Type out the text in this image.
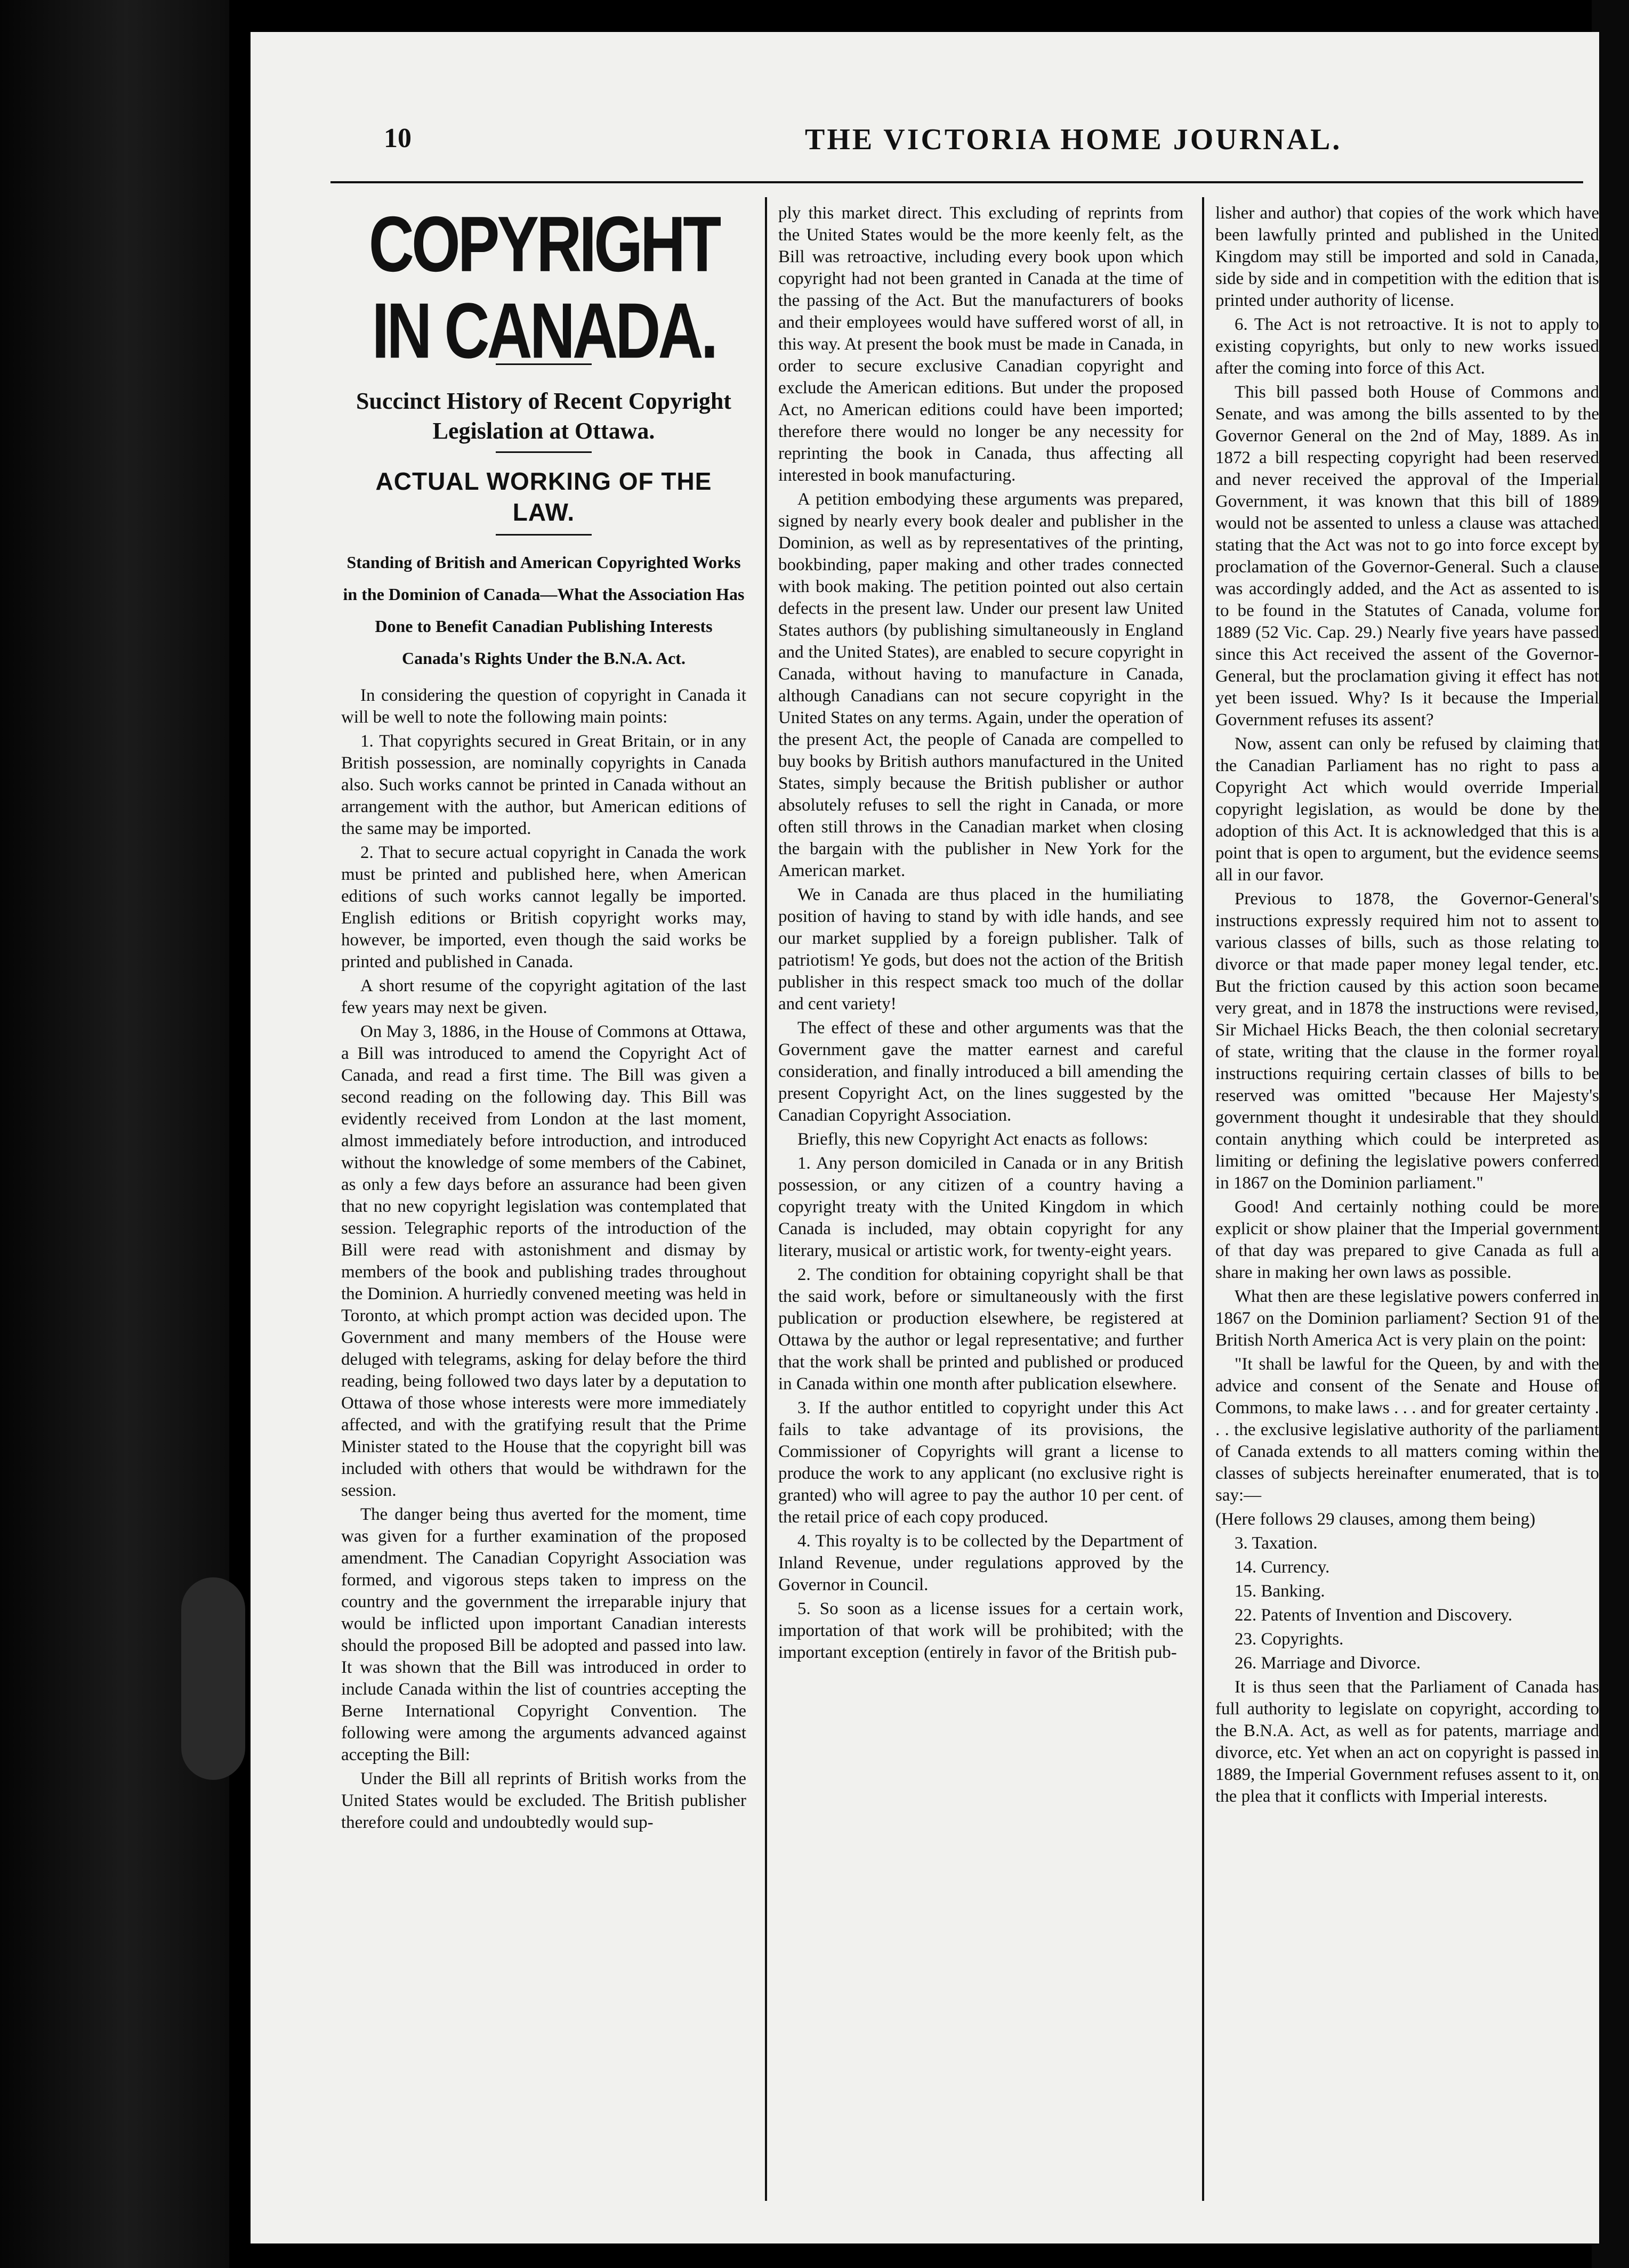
10	THE VICTORIA HOME JOURNAL.
COPYRIGHT IN CANADA.
Succinct History of Recent Copyright Legislation at Ottawa.
ACTUAL WORKING OF THE LAW.
Standing of British and American Copyrighted Works in the Dominion of Canada—What the Association Has Done to Benefit Canadian Publishing Interests
Canada's Rights Under the B.N.A. Act.

In considering the question of copyright in Canada it will be well to note the following main points:

1. That copyrights secured in Great Britain, or in any British possession, are nominally copyrights in Canada also. Such works cannot be printed in Canada without an arrangement with the author, but American editions of the same may be imported.

2. That to secure actual copyright in Canada the work must be printed and published here, when American editions of such works cannot legally be imported. English editions or British copyright works may, however, be imported, even though the said works be printed and published in Canada.

A short resume of the copyright agitation of the last few years may next be given.

On May 3, 1886, in the House of Commons at Ottawa, a Bill was introduced to amend the Copyright Act of Canada, and read a first time. The Bill was given a second reading on the following day. This Bill was evidently received from London at the last moment, almost immediately before introduction, and introduced without the knowledge of some members of the Cabinet, as only a few days before an assurance had been given that no new copyright legislation was contemplated that session. Telegraphic reports of the introduction of the Bill were read with astonishment and dismay by members of the book and publishing trades throughout the Dominion. A hurriedly convened meeting was held in Toronto, at which prompt action was decided upon. The Government and many members of the House were deluged with telegrams, asking for delay before the third reading, being followed two days later by a deputation to Ottawa of those whose interests were more immediately affected, and with the gratifying result that the Prime Minister stated to the House that the copyright bill was included with others that would be withdrawn for the session.

The danger being thus averted for the moment, time was given for a further examination of the proposed amendment. The Canadian Copyright Association was formed, and vigorous steps taken to impress on the country and the government the irreparable injury that would be inflicted upon important Canadian interests should the proposed Bill be adopted and passed into law. It was shown that the Bill was introduced in order to include Canada within the list of countries accepting the Berne International Copyright Convention. The following were among the arguments advanced against accepting the Bill:

Under the Bill all reprints of British works from the United States would be excluded. The British publisher therefore could and undoubtedly would sup-

ply this market direct. This excluding of reprints from the United States would be the more keenly felt, as the Bill was retroactive, including every book upon which copyright had not been granted in Canada at the time of the passing of the Act. But the manufacturers of books and their employees would have suffered worst of all, in this way. At present the book must be made in Canada, in order to secure exclusive Canadian copyright and exclude the American editions. But under the proposed Act, no American editions could have been imported; therefore there would no longer be any necessity for reprinting the book in Canada, thus affecting all interested in book manufacturing.

A petition embodying these arguments was prepared, signed by nearly every book dealer and publisher in the Dominion, as well as by representatives of the printing, bookbinding, paper making and other trades connected with book making. The petition pointed out also certain defects in the present law. Under our present law United States authors (by publishing simultaneously in England and the United States), are enabled to secure copyright in Canada, without having to manufacture in Canada, although Canadians can not secure copyright in the United States on any terms. Again, under the operation of the present Act, the people of Canada are compelled to buy books by British authors manufactured in the United States, simply because the British publisher or author absolutely refuses to sell the right in Canada, or more often still throws in the Canadian market when closing the bargain with the publisher in New York for the American market.

We in Canada are thus placed in the humiliating position of having to stand by with idle hands, and see our market supplied by a foreign publisher. Talk of patriotism! Ye gods, but does not the action of the British publisher in this respect smack too much of the dollar and cent variety!

The effect of these and other arguments was that the Government gave the matter earnest and careful consideration, and finally introduced a bill amending the present Copyright Act, on the lines suggested by the Canadian Copyright Association.

Briefly, this new Copyright Act enacts as follows:

1. Any person domiciled in Canada or in any British possession, or any citizen of a country having a copyright treaty with the United Kingdom in which Canada is included, may obtain copyright for any literary, musical or artistic work, for twenty-eight years.

2. The condition for obtaining copyright shall be that the said work, before or simultaneously with the first publication or production elsewhere, be registered at Ottawa by the author or legal representative; and further that the work shall be printed and published or produced in Canada within one month after publication elsewhere.

3. If the author entitled to copyright under this Act fails to take advantage of its provisions, the Commissioner of Copyrights will grant a license to produce the work to any applicant (no exclusive right is granted) who will agree to pay the author 10 per cent. of the retail price of each copy produced.

4. This royalty is to be collected by the Department of Inland Revenue, under regulations approved by the Governor in Council.

5. So soon as a license issues for a certain work, importation of that work will be prohibited; with the important exception (entirely in favor of the British pub-

lisher and author) that copies of the work which have been lawfully printed and published in the United Kingdom may still be imported and sold in Canada, side by side and in competition with the edition that is printed under authority of license.

6. The Act is not retroactive. It is not to apply to existing copyrights, but only to new works issued after the coming into force of this Act.

This bill passed both House of Commons and Senate, and was among the bills assented to by the Governor General on the 2nd of May, 1889. As in 1872 a bill respecting copyright had been reserved and never received the approval of the Imperial Government, it was known that this bill of 1889 would not be assented to unless a clause was attached stating that the Act was not to go into force except by proclamation of the Governor-General. Such a clause was accordingly added, and the Act as assented to is to be found in the Statutes of Canada, volume for 1889 (52 Vic. Cap. 29.) Nearly five years have passed since this Act received the assent of the Governor-General, but the proclamation giving it effect has not yet been issued. Why? Is it because the Imperial Government refuses its assent?

Now, assent can only be refused by claiming that the Canadian Parliament has no right to pass a Copyright Act which would override Imperial copyright legislation, as would be done by the adoption of this Act. It is acknowledged that this is a point that is open to argument, but the evidence seems all in our favor.

Previous to 1878, the Governor-General's instructions expressly required him not to assent to various classes of bills, such as those relating to divorce or that made paper money legal tender, etc. But the friction caused by this action soon became very great, and in 1878 the instructions were revised, Sir Michael Hicks Beach, the then colonial secretary of state, writing that the clause in the former royal instructions requiring certain classes of bills to be reserved was omitted "because Her Majesty's government thought it undesirable that they should contain anything which could be interpreted as limiting or defining the legislative powers conferred in 1867 on the Dominion parliament."

Good! And certainly nothing could be more explicit or show plainer that the Imperial government of that day was prepared to give Canada as full a share in making her own laws as possible.

What then are these legislative powers conferred in 1867 on the Dominion parliament? Section 91 of the British North America Act is very plain on the point:

"It shall be lawful for the Queen, by and with the advice and consent of the Senate and House of Commons, to make laws . . . and for greater certainty . . . the exclusive legislative authority of the parliament of Canada extends to all matters coming within the classes of subjects hereinafter enumerated, that is to say:—

(Here follows 29 clauses, among them being)

3. Taxation.

14. Currency.

15. Banking.

22. Patents of Invention and Discovery.

23. Copyrights.

26. Marriage and Divorce.

It is thus seen that the Parliament of Canada has full authority to legislate on copyright, according to the B.N.A. Act, as well as for patents, marriage and divorce, etc. Yet when an act on copyright is passed in 1889, the Imperial Government refuses assent to it, on the plea that it conflicts with Imperial interests.
